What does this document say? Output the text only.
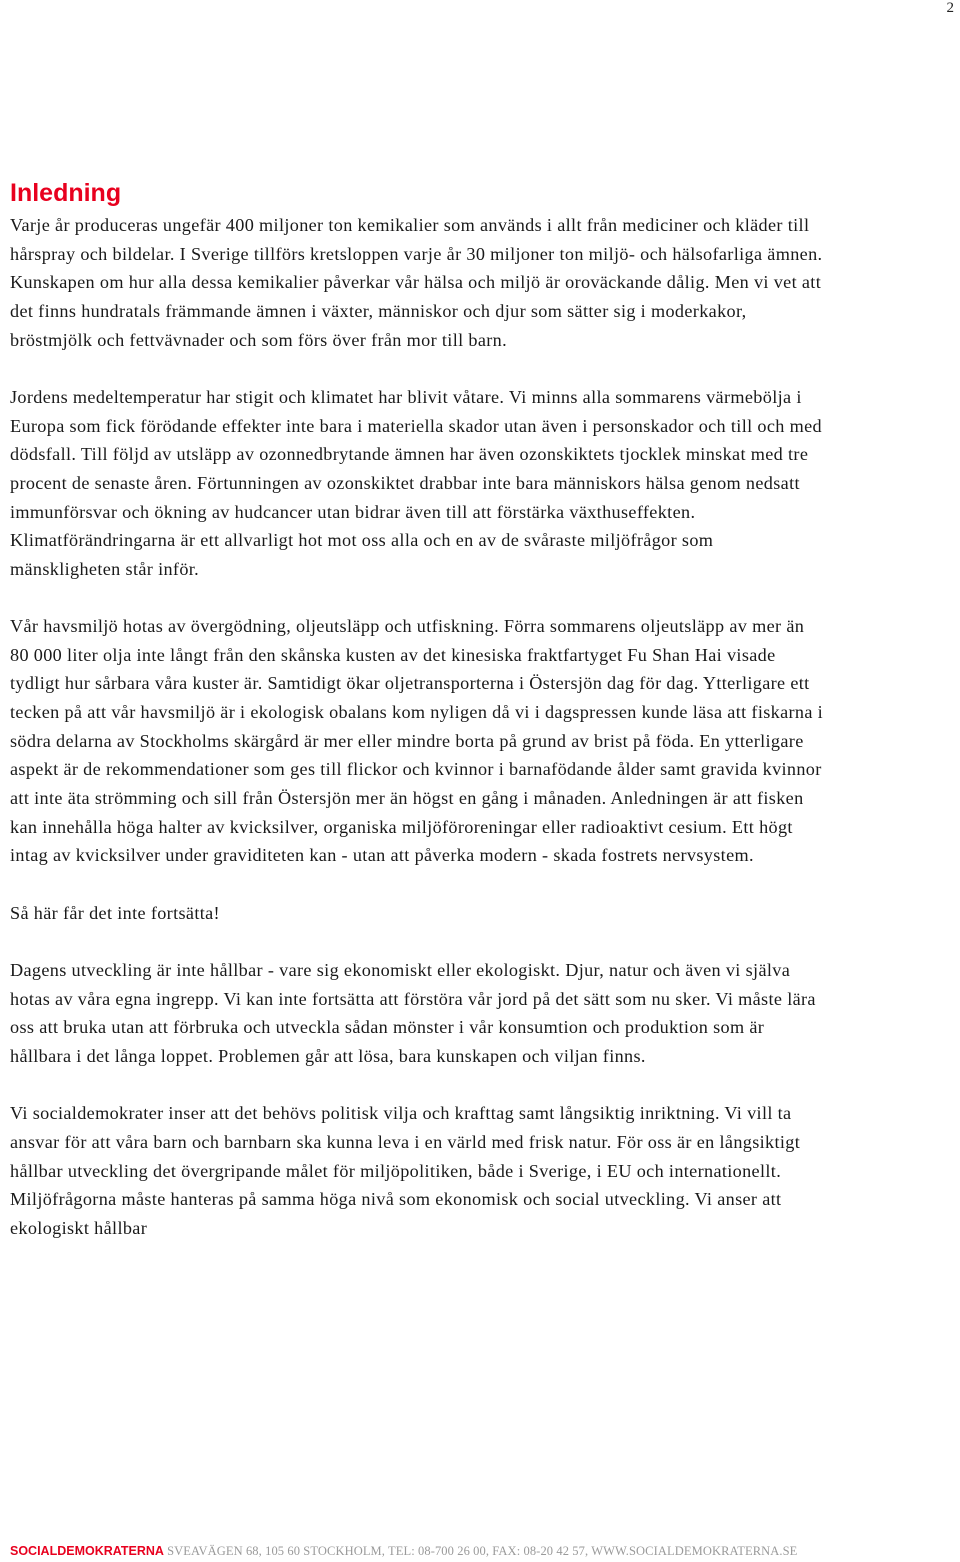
2
Inledning

Varje år produceras ungefär 400 miljoner ton kemikalier som används i allt från mediciner och kläder till hårspray och bildelar. I Sverige tillförs kretsloppen varje år 30 miljoner ton miljö- och hälsofarliga ämnen. Kunskapen om hur alla dessa kemikalier påverkar vår hälsa och miljö är oroväckande dålig. Men vi vet att det finns hundratals främmande ämnen i växter, människor och djur som sätter sig i moderkakor, bröstmjölk och fettvävnader och som förs över från mor till barn.

Jordens medeltemperatur har stigit och klimatet har blivit våtare. Vi minns alla sommarens värmebölja i Europa som fick förödande effekter inte bara i materiella skador utan även i personskador och till och med dödsfall. Till följd av utsläpp av ozonnedbrytande ämnen har även ozonskiktets tjocklek minskat med tre procent de senaste åren. Förtunningen av ozonskiktet drabbar inte bara människors hälsa genom nedsatt immunförsvar och ökning av hudcancer utan bidrar även till att förstärka växthuseffekten. Klimatförändringarna är ett allvarligt hot mot oss alla och en av de svåraste miljöfrågor som mänskligheten står inför.

Vår havsmiljö hotas av övergödning, oljeutsläpp och utfiskning. Förra sommarens oljeutsläpp av mer än 80 000 liter olja inte långt från den skånska kusten av det kinesiska fraktfartyget Fu Shan Hai visade tydligt hur sårbara våra kuster är. Samtidigt ökar oljetransporterna i Östersjön dag för dag. Ytterligare ett tecken på att vår havsmiljö är i ekologisk obalans kom nyligen då vi i dagspressen kunde läsa att fiskarna i södra delarna av Stockholms skärgård är mer eller mindre borta på grund av brist på föda. En ytterligare aspekt är de rekommendationer som ges till flickor och kvinnor i barnafödande ålder samt gravida kvinnor att inte äta strömming och sill från Östersjön mer än högst en gång i månaden. Anledningen är att fisken kan innehålla höga halter av kvicksilver, organiska miljöföroreningar eller radioaktivt cesium. Ett högt intag av kvicksilver under graviditeten kan - utan att påverka modern - skada fostrets nervsystem.

Så här får det inte fortsätta!

Dagens utveckling är inte hållbar - vare sig ekonomiskt eller ekologiskt. Djur, natur och även vi själva hotas av våra egna ingrepp. Vi kan inte fortsätta att förstöra vår jord på det sätt som nu sker. Vi måste lära oss att bruka utan att förbruka och utveckla sådan mönster i vår konsumtion och produktion som är hållbara i det långa loppet. Problemen går att lösa, bara kunskapen och viljan finns.

Vi socialdemokrater inser att det behövs politisk vilja och krafttag samt långsiktig inriktning. Vi vill ta ansvar för att våra barn och barnbarn ska kunna leva i en värld med frisk natur. För oss är en långsiktigt hållbar utveckling det övergripande målet för miljöpolitiken, både i Sverige, i EU och internationellt. Miljöfrågorna måste hanteras på samma höga nivå som ekonomisk och social utveckling. Vi anser att ekologiskt hållbar

SOCIALDEMOKRATERNA SVEAVÄGEN 68, 105 60 STOCKHOLM, TEL: 08-700 26 00, FAX: 08-20 42 57, WWW.SOCIALDEMOKRATERNA.SE
